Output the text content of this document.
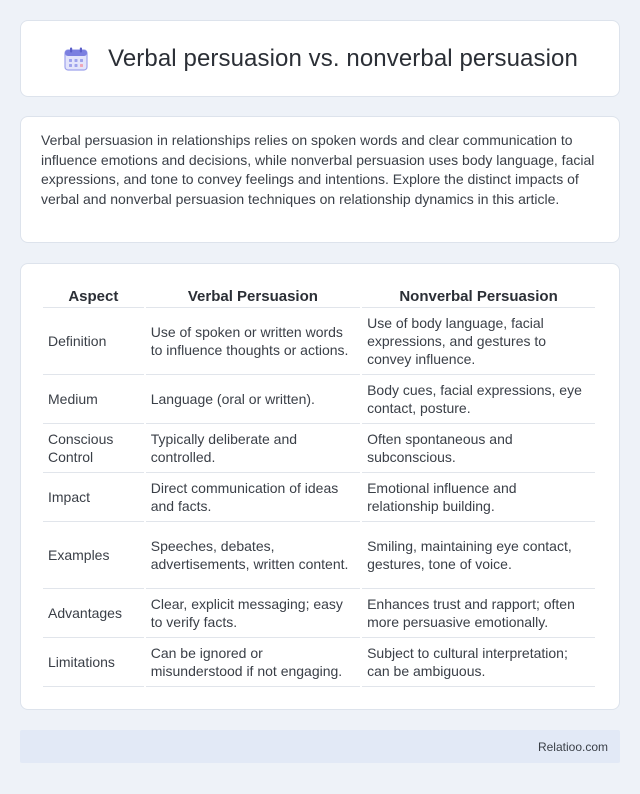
Verbal persuasion vs. nonverbal persuasion

Verbal persuasion in relationships relies on spoken words and clear communication to influence emotions and decisions, while nonverbal persuasion uses body language, facial expressions, and tone to convey feelings and intentions. Explore the distinct impacts of verbal and nonverbal persuasion techniques on relationship dynamics in this article.

Aspect	Verbal Persuasion	Nonverbal Persuasion
Definition	Use of spoken or written words to influence thoughts or actions.	Use of body language, facial expressions, and gestures to convey influence.
Medium	Language (oral or written).	Body cues, facial expressions, eye contact, posture.
Conscious Control	Typically deliberate and controlled.	Often spontaneous and subconscious.
Impact	Direct communication of ideas and facts.	Emotional influence and relationship building.
Examples	Speeches, debates, advertisements, written content.	Smiling, maintaining eye contact, gestures, tone of voice.
Advantages	Clear, explicit messaging; easy to verify facts.	Enhances trust and rapport; often more persuasive emotionally.
Limitations	Can be ignored or misunderstood if not engaging.	Subject to cultural interpretation; can be ambiguous.
Relatioo.com
